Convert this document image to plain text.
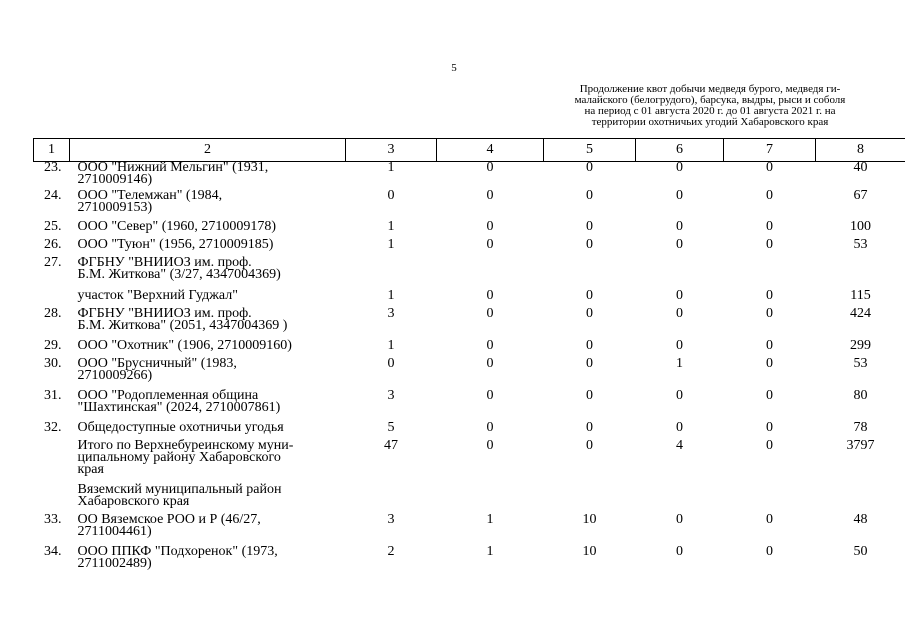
5
Продолжение квот добычи медведя бурого, медведя ги-
малайского (белогрудого), барсука, выдры, рыси и соболя
на период с 01 августа 2020 г. до 01 августа 2021 г. на
территории охотничьих угодий Хабаровского края
1	2	3	4	5	6	7	8
23.	ООО "Нижний Мельгин" (1931,
2710009146)	1	0	0	0	0	40
24.	ООО "Телемжан" (1984,
2710009153)	0	0	0	0	0	67
25.	ООО "Север" (1960, 2710009178)	1	0	0	0	0	100
26.	ООО "Туюн" (1956, 2710009185)	1	0	0	0	0	53
27.	ФГБНУ "ВНИИОЗ им. проф.
Б.М. Житкова" (3/27, 4347004369)						

	участок "Верхний Гуджал"	1	0	0	0	0	115
28.	ФГБНУ "ВНИИОЗ им. проф.
Б.М. Житкова" (2051, 4347004369 )	3	0	0	0	0	424
29.	ООО "Охотник" (1906, 2710009160)	1	0	0	0	0	299
30.	ООО "Брусничный" (1983,
2710009266)	0	0	0	1	0	53
31.	ООО "Родоплеменная община
"Шахтинская" (2024, 2710007861)	3	0	0	0	0	80
32.	Общедоступные охотничьи угодья	5	0	0	0	0	78

	Итого по Верхнебуреинскому муни-
ципальному району Хабаровского
края	47	0	0	4	0	3797

	Вяземский муниципальный район
Хабаровского края						

33.	ОО Вяземское РОО и Р (46/27,
2711004461)	3	1	10	0	0	48
34.	ООО ППКФ "Подхоренок" (1973,
2711002489)	2	1	10	0	0	50
